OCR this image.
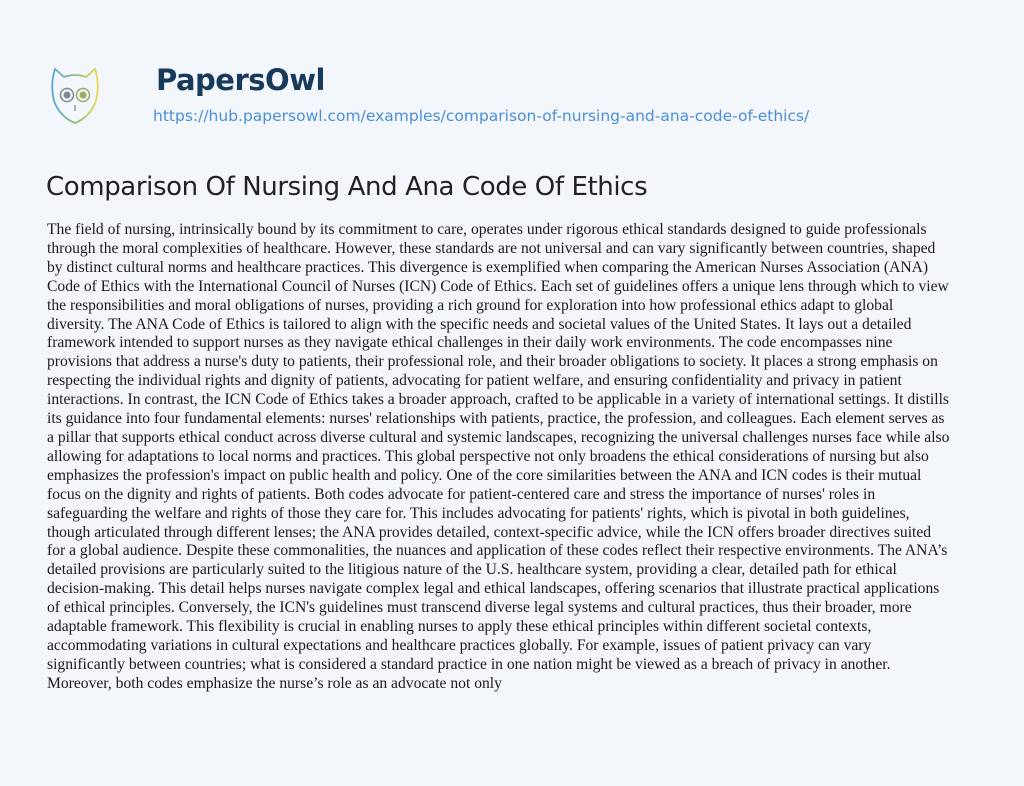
PapersOwl
https://hub.papersowl.com/examples/comparison-of-nursing-and-ana-code-of-ethics/
Comparison Of Nursing And Ana Code Of Ethics
The field of nursing, intrinsically bound by its commitment to care, operates under rigorous ethical standards designed to guide professionals
through the moral complexities of healthcare. However, these standards are not universal and can vary significantly between countries, shaped
by distinct cultural norms and healthcare practices. This divergence is exemplified when comparing the American Nurses Association (ANA)
Code of Ethics with the International Council of Nurses (ICN) Code of Ethics. Each set of guidelines offers a unique lens through which to view
the responsibilities and moral obligations of nurses, providing a rich ground for exploration into how professional ethics adapt to global
diversity. The ANA Code of Ethics is tailored to align with the specific needs and societal values of the United States. It lays out a detailed
framework intended to support nurses as they navigate ethical challenges in their daily work environments. The code encompasses nine
provisions that address a nurse's duty to patients, their professional role, and their broader obligations to society. It places a strong emphasis on
respecting the individual rights and dignity of patients, advocating for patient welfare, and ensuring confidentiality and privacy in patient
interactions. In contrast, the ICN Code of Ethics takes a broader approach, crafted to be applicable in a variety of international settings. It distills
its guidance into four fundamental elements: nurses' relationships with patients, practice, the profession, and colleagues. Each element serves as
a pillar that supports ethical conduct across diverse cultural and systemic landscapes, recognizing the universal challenges nurses face while also
allowing for adaptations to local norms and practices. This global perspective not only broadens the ethical considerations of nursing but also
emphasizes the profession's impact on public health and policy. One of the core similarities between the ANA and ICN codes is their mutual
focus on the dignity and rights of patients. Both codes advocate for patient-centered care and stress the importance of nurses' roles in
safeguarding the welfare and rights of those they care for. This includes advocating for patients' rights, which is pivotal in both guidelines,
though articulated through different lenses; the ANA provides detailed, context-specific advice, while the ICN offers broader directives suited
for a global audience. Despite these commonalities, the nuances and application of these codes reflect their respective environments. The ANA’s
detailed provisions are particularly suited to the litigious nature of the U.S. healthcare system, providing a clear, detailed path for ethical
decision-making. This detail helps nurses navigate complex legal and ethical landscapes, offering scenarios that illustrate practical applications
of ethical principles. Conversely, the ICN's guidelines must transcend diverse legal systems and cultural practices, thus their broader, more
adaptable framework. This flexibility is crucial in enabling nurses to apply these ethical principles within different societal contexts,
accommodating variations in cultural expectations and healthcare practices globally. For example, issues of patient privacy can vary
significantly between countries; what is considered a standard practice in one nation might be viewed as a breach of privacy in another.
Moreover, both codes emphasize the nurse’s role as an advocate not only
